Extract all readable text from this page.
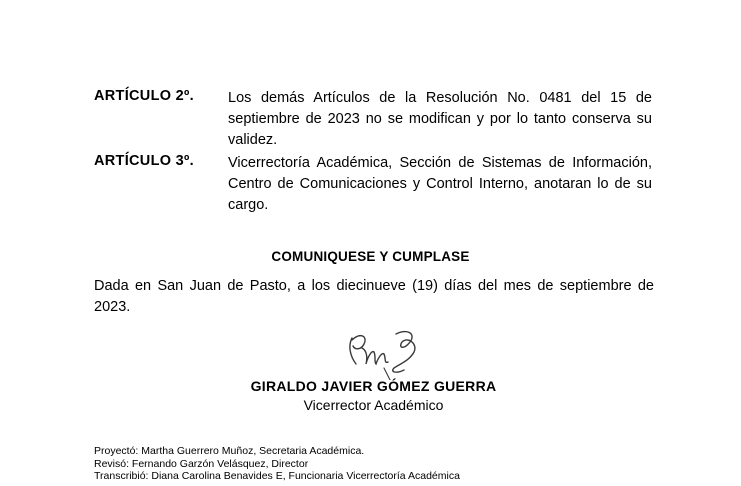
ARTÍCULO 2º. Los demás Artículos de la Resolución No. 0481 del 15 de septiembre de 2023 no se modifican y por lo tanto conserva su validez.
ARTÍCULO 3º. Vicerrectoría Académica, Sección de Sistemas de Información, Centro de Comunicaciones y Control Interno, anotaran lo de su cargo.
COMUNIQUESE Y CUMPLASE
Dada en San Juan de Pasto, a los diecinueve (19) días del mes de septiembre de 2023.
GIRALDO JAVIER GÓMEZ GUERRA
Vicerrector Académico
Proyectó: Martha Guerrero Muñoz, Secretaria Académica.
Revisó: Fernando Garzón Velásquez, Director
Transcribió: Diana Carolina Benavides E, Funcionaria Vicerrectoría Académica
